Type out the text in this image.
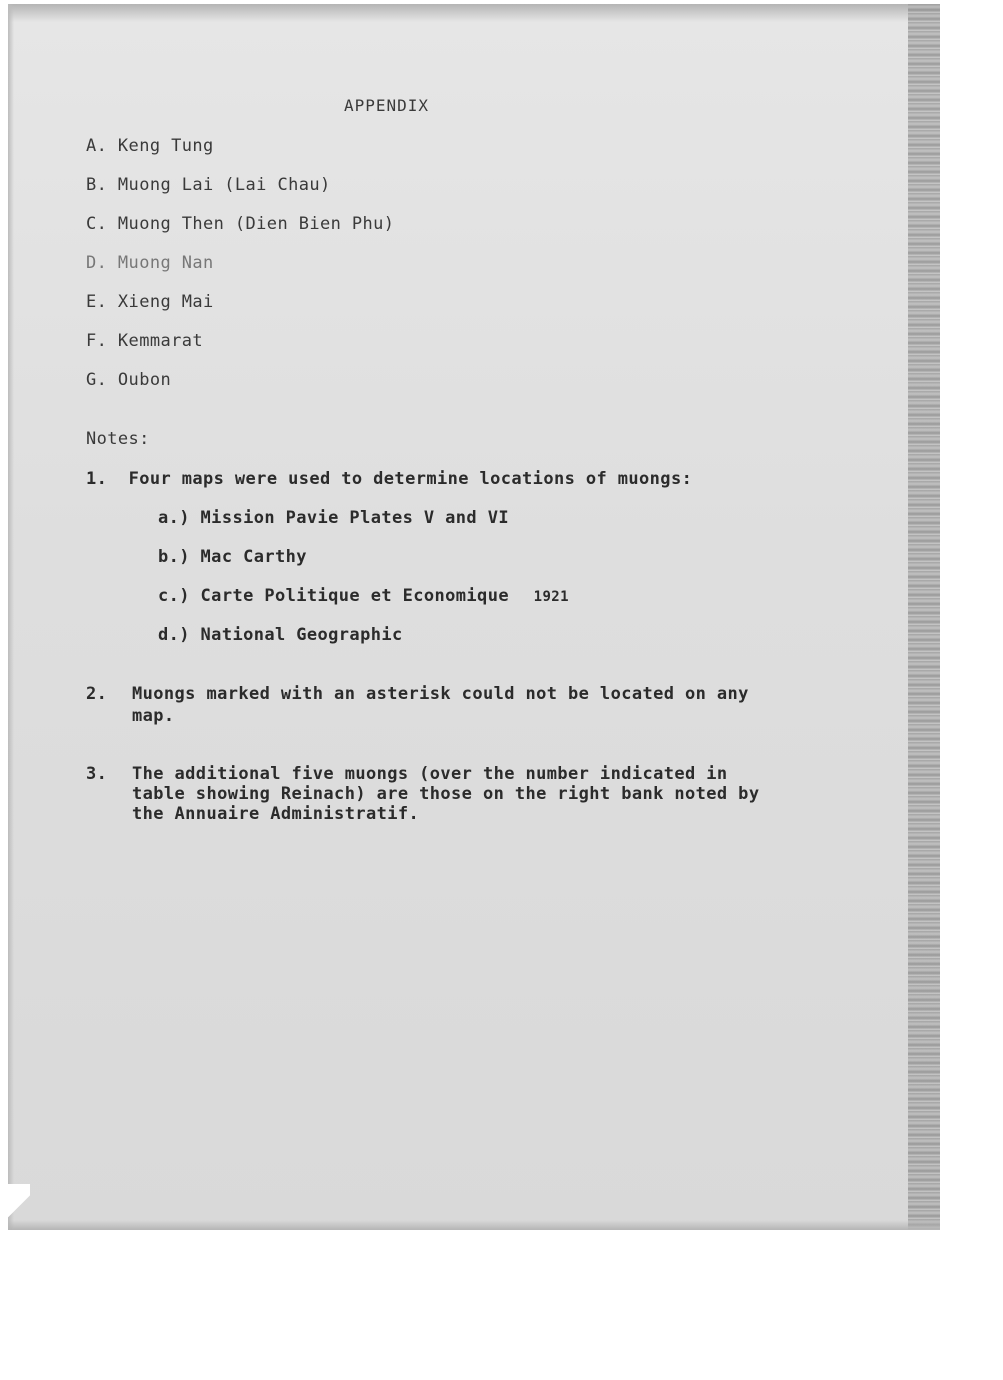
APPENDIX
A. Keng Tung
B. Muong Lai (Lai Chau)
C. Muong Then (Dien Bien Phu)
D. Muong Nan
E. Xieng Mai
F. Kemmarat
G. Oubon
Notes:
1. Four maps were used to determine locations of muongs:
a.) Mission Pavie Plates V and VI
b.) Mac Carthy
c.) Carte Politique et Economique 1921
d.) National Geographic
2. Muongs marked with an asterisk could not be located on any
map.
3. The additional five muongs (over the number indicated in
table showing Reinach) are those on the right bank noted by
the Annuaire Administratif.
